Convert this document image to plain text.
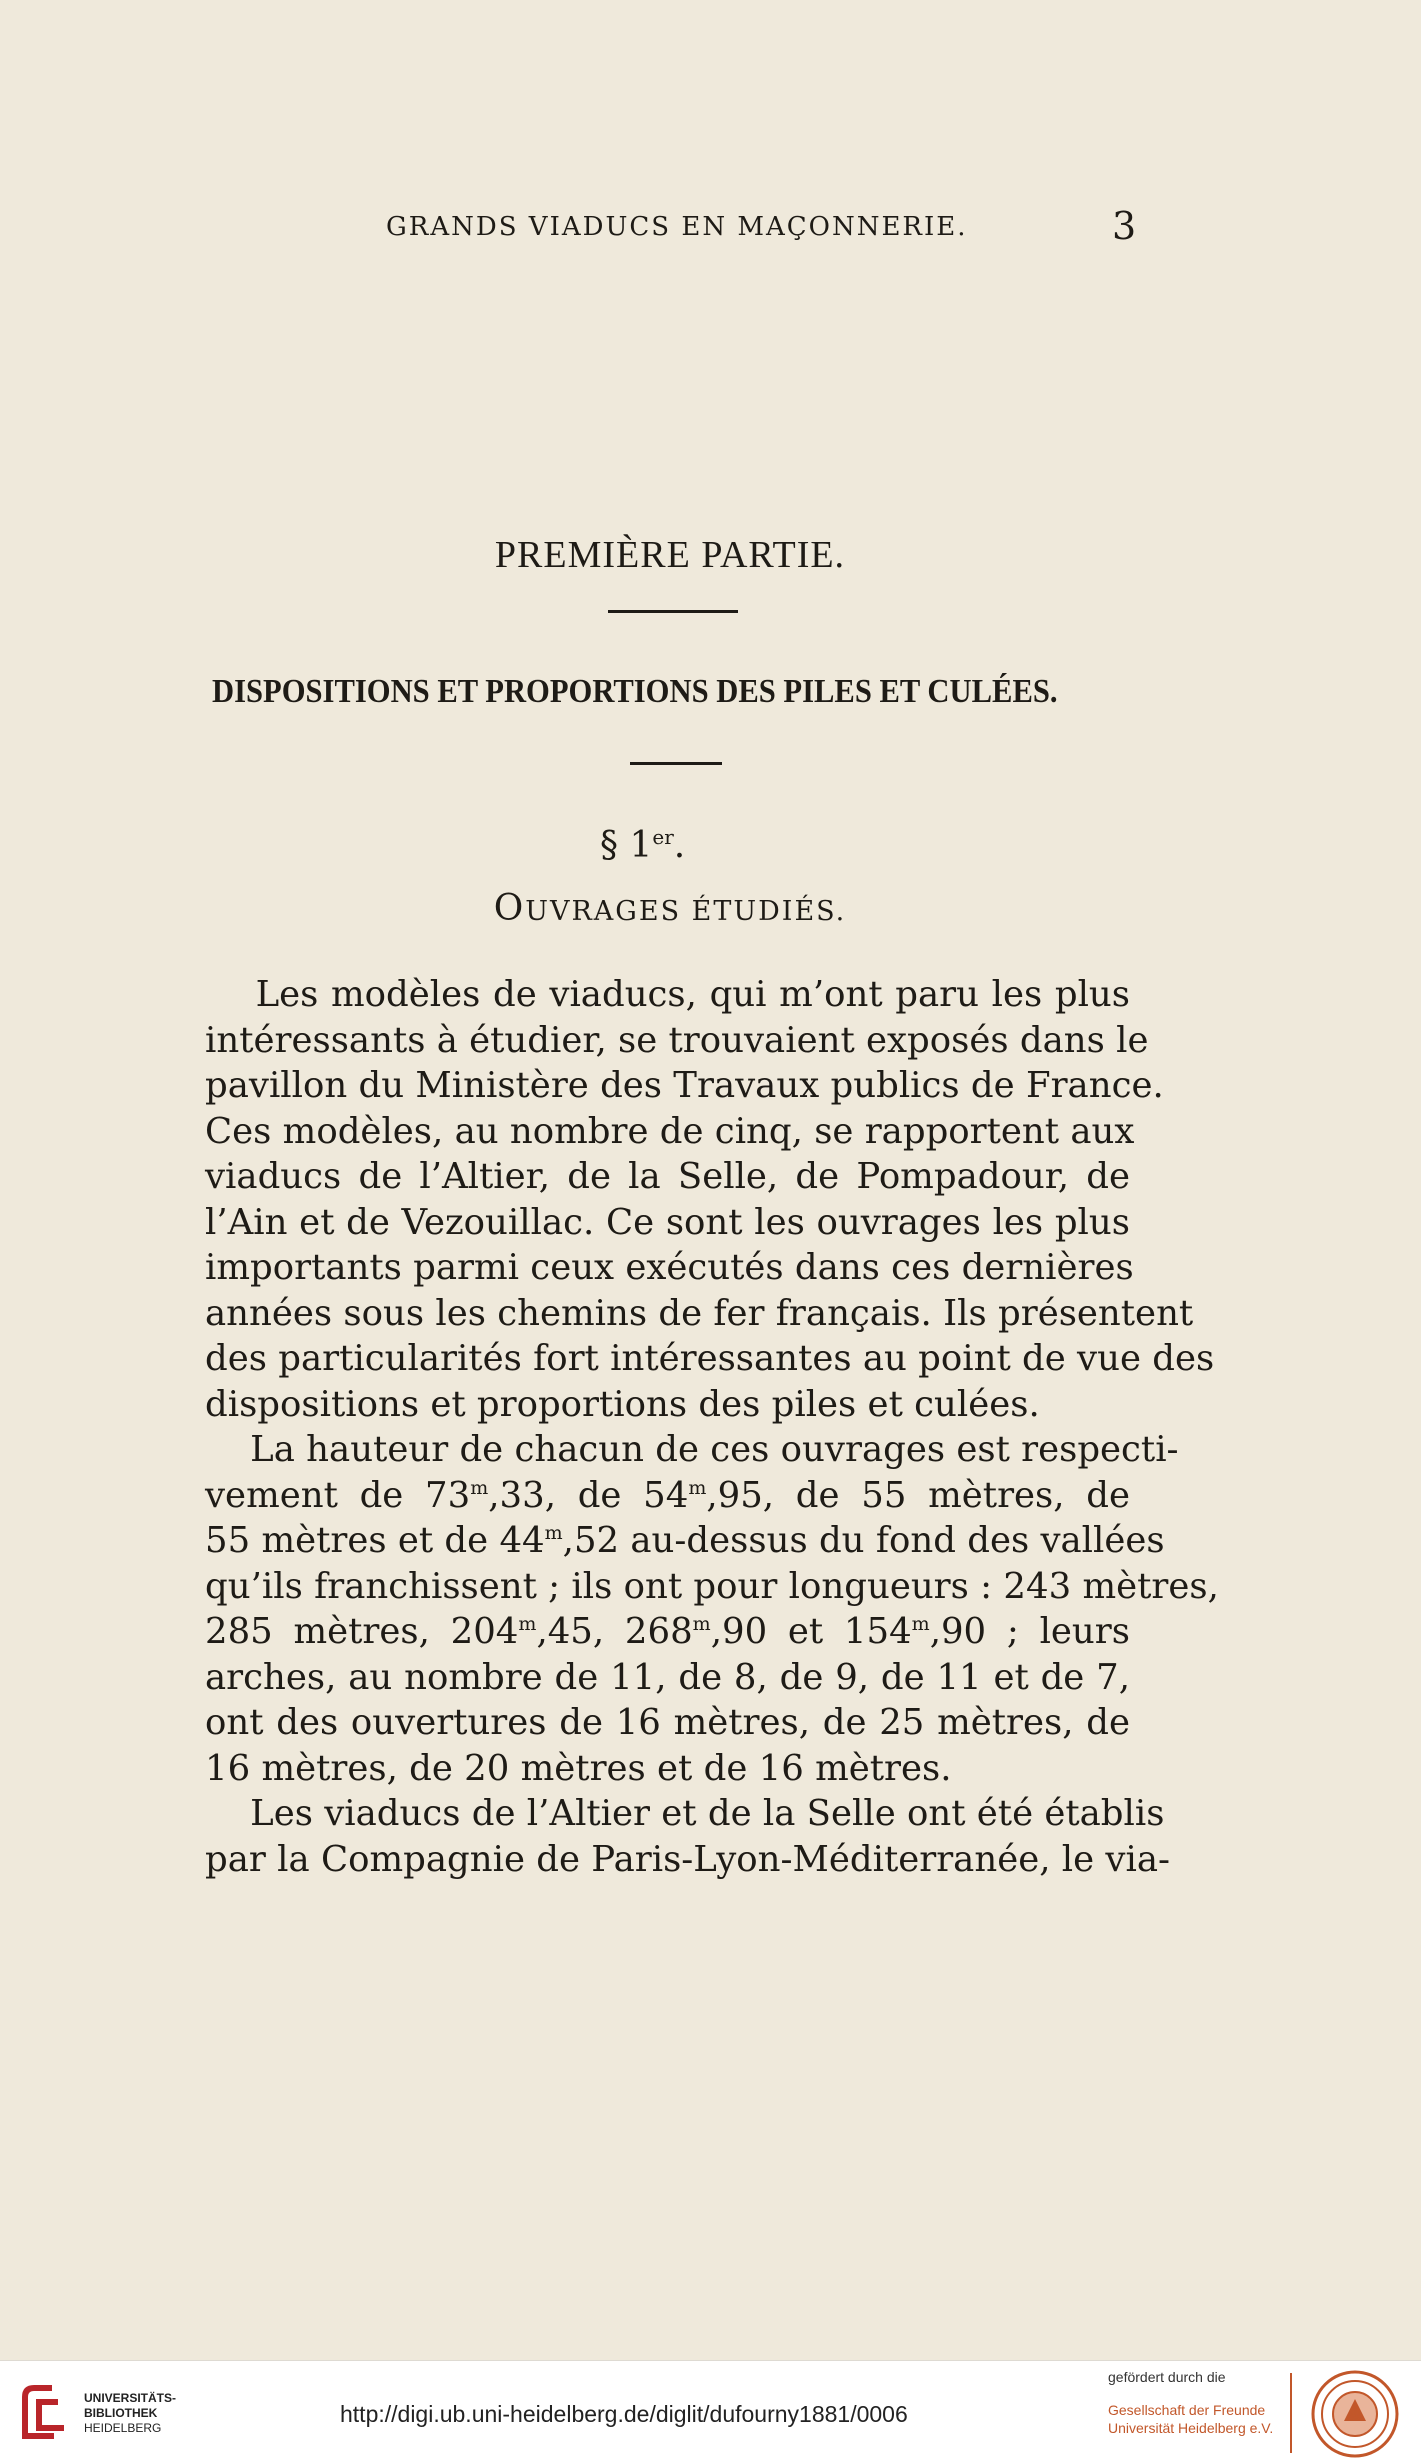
GRANDS VIADUCS EN MAÇONNERIE.	3
PREMIÈRE PARTIE.
DISPOSITIONS ET PROPORTIONS DES PILES ET CULÉES.
§ 1er.
OUVRAGES ÉTUDIÉS.
Les modèles de viaducs, qui m’ont paru les plus
intéressants à étudier, se trouvaient exposés dans le
pavillon du Ministère des Travaux publics de France.
Ces modèles, au nombre de cinq, se rapportent aux
viaducs de l’Altier, de la Selle, de Pompadour, de
l’Ain et de Vezouillac. Ce sont les ouvrages les plus
importants parmi ceux exécutés dans ces dernières
années sous les chemins de fer français. Ils présentent
des particularités fort intéressantes au point de vue des
dispositions et proportions des piles et culées.
La hauteur de chacun de ces ouvrages est respecti-
vement de 73$^m$,33, de 54$^m$,95, de 55 mètres, de
55 mètres et de 44$^m$,52 au-dessus du fond des vallées
qu’ils franchissent ; ils ont pour longueurs : 243 mètres,
285 mètres, 204$^m$,45, 268$^m$,90 et 154$^m$,90 ; leurs
arches, au nombre de 11, de 8, de 9, de 11 et de 7,
ont des ouvertures de 16 mètres, de 25 mètres, de
16 mètres, de 20 mètres et de 16 mètres.
Les viaducs de l’Altier et de la Selle ont été établis
par la Compagnie de Paris-Lyon-Méditerranée, le via-
UNIVERSITÄTS-
BIBLIOTHEK
HEIDELBERG
http://digi.ub.uni-heidelberg.de/diglit/dufourny1881/0006
gefördert durch die
Gesellschaft der Freunde
Universität Heidelberg e.V.
